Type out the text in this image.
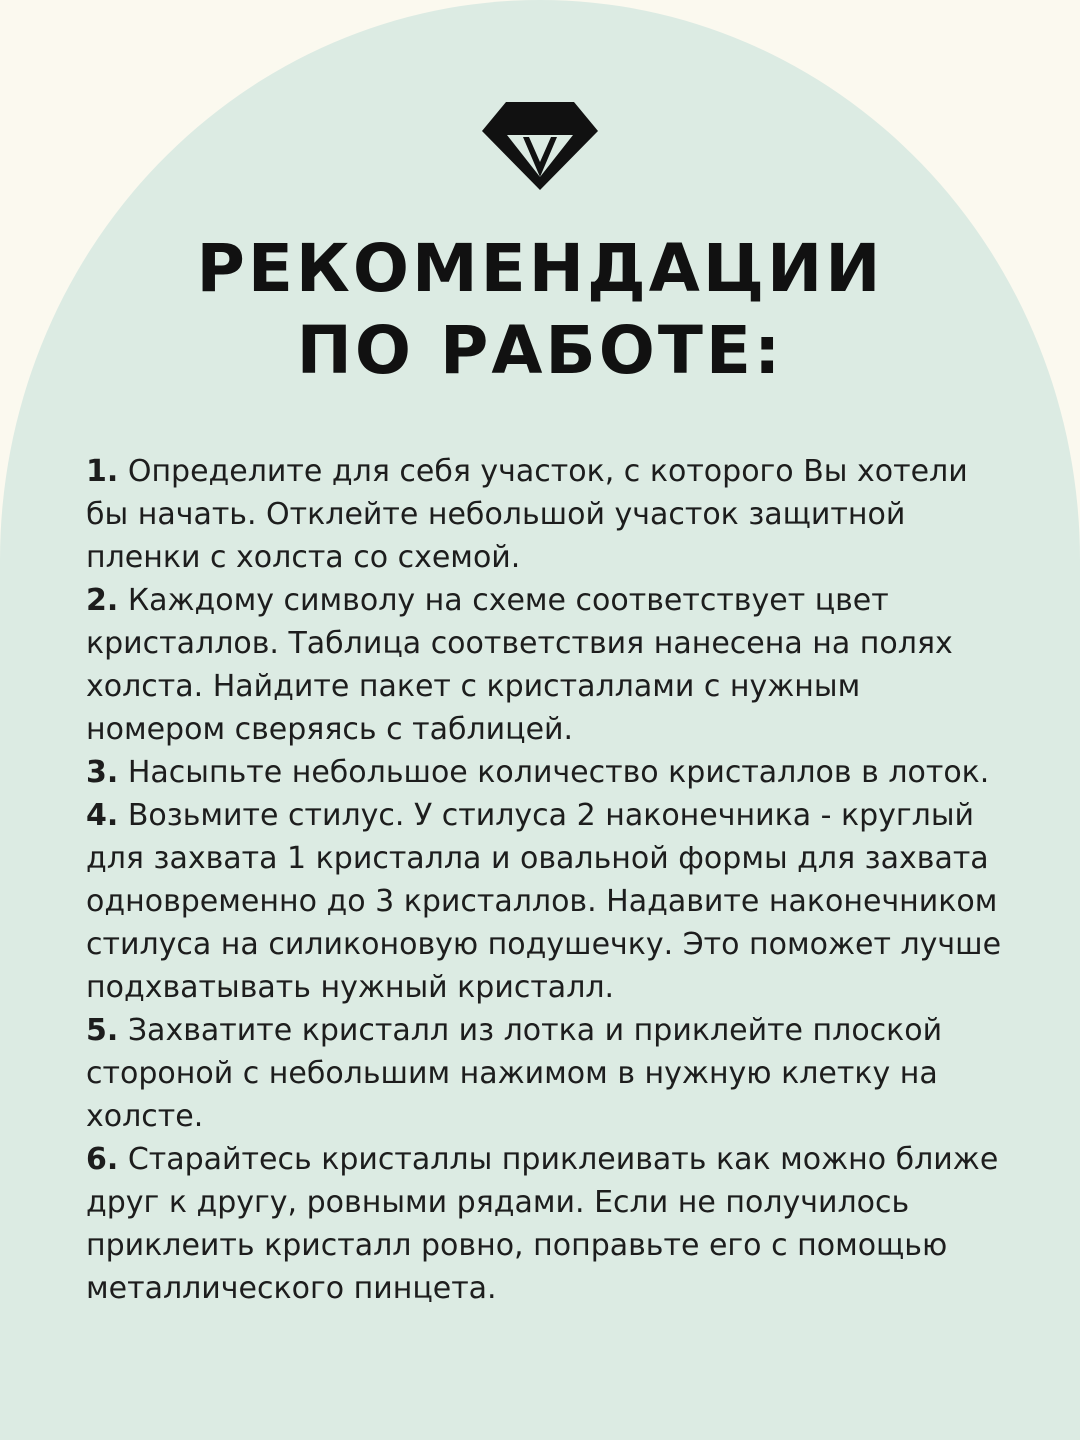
РЕКОМЕНДАЦИИ
ПО РАБОТЕ:
1. Определите для себя участок, с которого Вы хотели бы начать. Отклейте небольшой участок защитной пленки с холста со схемой.
2. Каждому символу на схеме соответствует цвет кристаллов. Таблица соответствия нанесена на полях холста. Найдите пакет с кристаллами с нужным номером сверяясь с таблицей.
3. Насыпьте небольшое количество кристаллов в лоток.
4. Возьмите стилус. У стилуса 2 наконечника - круглый для захвата 1 кристалла и овальной формы для захвата одновременно до 3 кристаллов. Надавите наконечником стилуса на силиконовую подушечку. Это поможет лучше подхватывать нужный кристалл.
5. Захватите кристалл из лотка и приклейте плоской стороной с небольшим нажимом в нужную клетку на холсте.
6. Старайтесь кристаллы приклеивать как можно ближе друг к другу, ровными рядами. Если не получилось приклеить кристалл ровно, поправьте его с помощью металлического пинцета.
